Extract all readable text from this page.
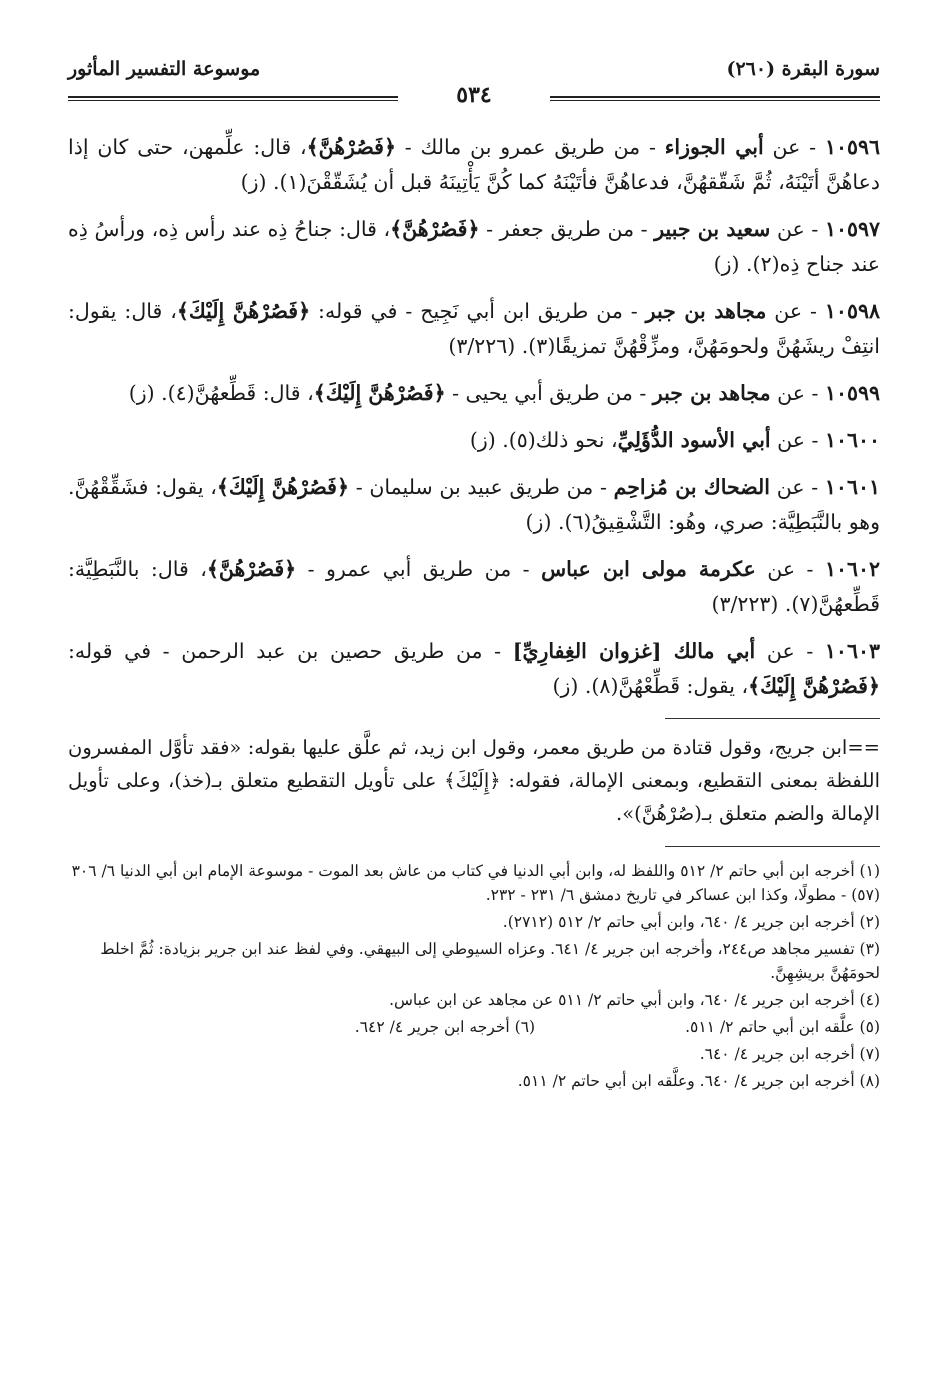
سورة البقرة (٢٦٠)
موسوعة التفسير المأثور
٥٣٤

١٠٥٩٦ - عن أبي الجوزاء - من طريق عمرو بن مالك - ﴿فَصُرْهُنَّ﴾، قال: علِّمهن، حتى كان إذا دعاهُنَّ أتَيْنَهُ، ثُمَّ شَقّقهُنَّ، فدعاهُنَّ فأتَيْنَهُ كما كُنَّ يَأْتِينَهُ قبل أن يُشَقّقْنَ(١). (ز)

١٠٥٩٧ - عن سعيد بن جبير - من طريق جعفر - ﴿فَصُرْهُنَّ﴾، قال: جناحُ ذِه عند رأس ذِه، ورأسُ ذِه عند جناح ذِه(٢). (ز)

١٠٥٩٨ - عن مجاهد بن جبر - من طريق ابن أبي نَجِيح - في قوله: ﴿فَصُرْهُنَّ إِلَيْكَ﴾، قال: يقول: انتِفْ ريشَهُنَّ ولحومَهُنَّ، ومزِّقْهُنَّ تمزيقًا(٣). (٣/٢٢٦)

١٠٥٩٩ - عن مجاهد بن جبر - من طريق أبي يحيى - ﴿فَصُرْهُنَّ إِلَيْكَ﴾، قال: قَطِّعهُنَّ(٤). (ز)

١٠٦٠٠ - عن أبي الأسود الدُّؤَلِيِّ، نحو ذلك(٥). (ز)

١٠٦٠١ - عن الضحاك بن مُزاحِم - من طريق عبيد بن سليمان - ﴿فَصُرْهُنَّ إِلَيْكَ﴾، يقول: فشَقِّقْهُنَّ. وهو بالنَّبَطِيَّة: صري، وهُو: التَّشْقِيقُ(٦). (ز)

١٠٦٠٢ - عن عكرمة مولى ابن عباس - من طريق أبي عمرو - ﴿فَصُرْهُنَّ﴾، قال: بالنَّبَطِيَّة: قَطِّعهُنَّ(٧). (٣/٢٢٣)

١٠٦٠٣ - عن أبي مالك [غزوان الغِفارِيِّ] - من طريق حصين بن عبد الرحمن - في قوله: ﴿فَصُرْهُنَّ إِلَيْكَ﴾، يقول: قَطِّعْهُنَّ(٨). (ز)

==ابن جريج، وقول قتادة من طريق معمر، وقول ابن زيد، ثم علَّق عليها بقوله: «فقد تأوَّل المفسرون اللفظة بمعنى التقطيع، وبمعنى الإمالة، فقوله: ﴿إِلَيْكَ﴾ على تأويل التقطيع متعلق بـ(خذ)، وعلى تأويل الإمالة والضم متعلق بـ(صُرْهُنَّ)».

(١) أخرجه ابن أبي حاتم ٢/ ٥١٢ واللفظ له، وابن أبي الدنيا في كتاب من عاش بعد الموت - موسوعة الإمام ابن أبي الدنيا ٦/ ٣٠٦ (٥٧) - مطولًا، وكذا ابن عساكر في تاريخ دمشق ٦/ ٢٣١ - ٢٣٢.

(٢) أخرجه ابن جرير ٤/ ٦٤٠، وابن أبي حاتم ٢/ ٥١٢ (٢٧١٢).

(٣) تفسير مجاهد ص٢٤٤، وأخرجه ابن جرير ٤/ ٦٤١. وعزاه السيوطي إلى البيهقي. وفي لفظ عند ابن جرير بزيادة: ثُمَّ اخلط لحومَهُنَّ بريشِهِنَّ.

(٤) أخرجه ابن جرير ٤/ ٦٤٠، وابن أبي حاتم ٢/ ٥١١ عن مجاهد عن ابن عباس.

(٥) علَّقه ابن أبي حاتم ٢/ ٥١١.
(٦) أخرجه ابن جرير ٤/ ٦٤٢.

(٧) أخرجه ابن جرير ٤/ ٦٤٠.

(٨) أخرجه ابن جرير ٤/ ٦٤٠. وعلَّقه ابن أبي حاتم ٢/ ٥١١.
